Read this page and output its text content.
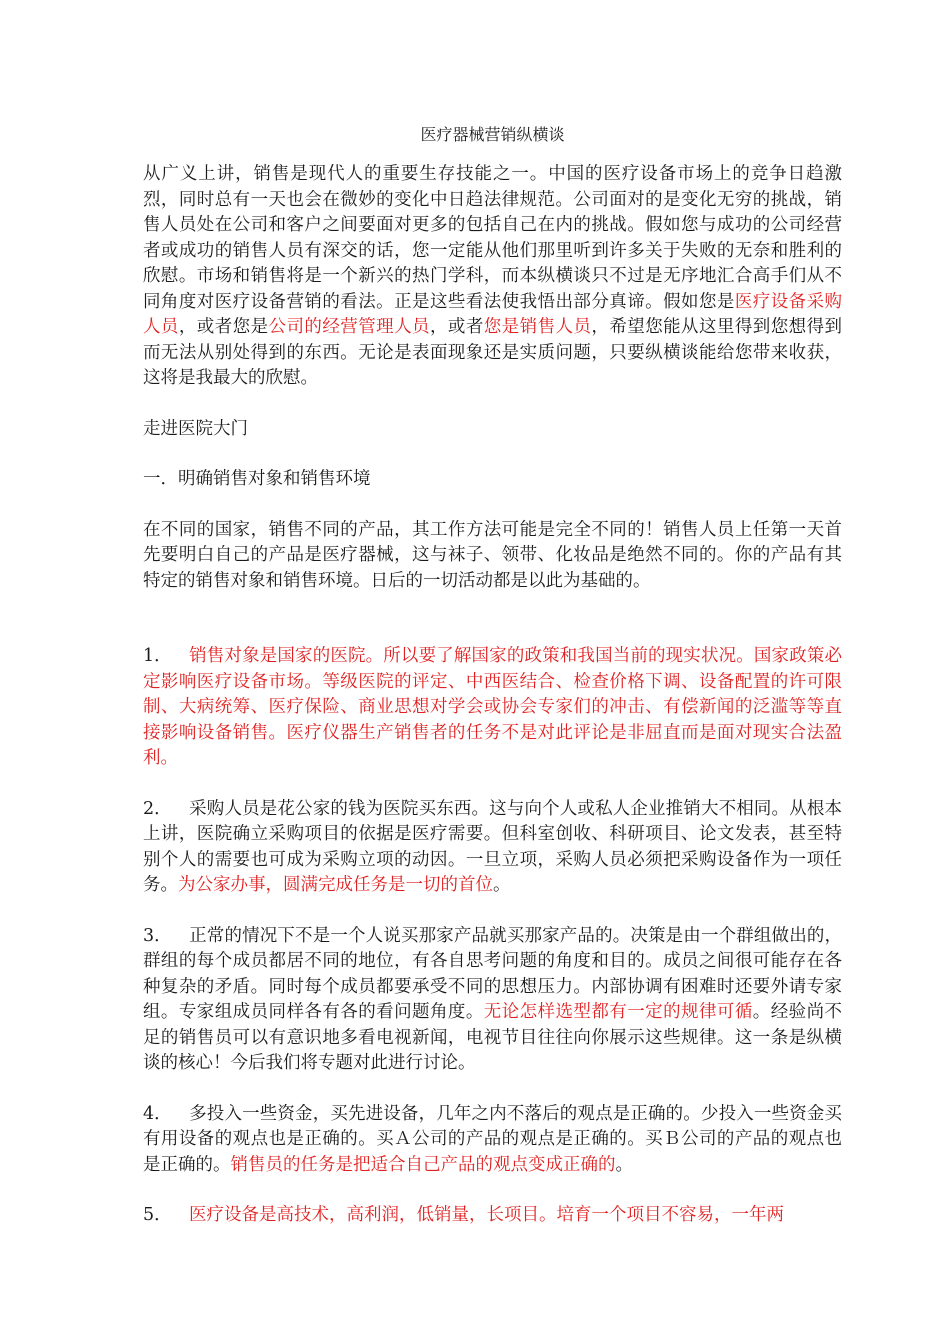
医疗器械营销纵横谈

从广义上讲，销售是现代人的重要生存技能之一。中国的医疗设备市场上的竞争日趋激烈，同时总有一天也会在微妙的变化中日趋法律规范。公司面对的是变化无穷的挑战，销售人员处在公司和客户之间要面对更多的包括自己在内的挑战。假如您与成功的公司经营者或成功的销售人员有深交的话，您一定能从他们那里听到许多关于失败的无奈和胜利的欣慰。市场和销售将是一个新兴的热门学科，而本纵横谈只不过是无序地汇合高手们从不同角度对医疗设备营销的看法。正是这些看法使我悟出部分真谛。假如您是医疗设备采购人员，或者您是公司的经营管理人员，或者您是销售人员，希望您能从这里得到您想得到而无法从别处得到的东西。无论是表面现象还是实质问题，只要纵横谈能给您带来收获，这将是我最大的欣慰。

走进医院大门

一．明确销售对象和销售环境

在不同的国家，销售不同的产品，其工作方法可能是完全不同的！销售人员上任第一天首先要明白自己的产品是医疗器械，这与袜子、领带、化妆品是绝然不同的。你的产品有其特定的销售对象和销售环境。日后的一切活动都是以此为基础的。

1． 销售对象是国家的医院。所以要了解国家的政策和我国当前的现实状况。国家政策必定影响医疗设备市场。等级医院的评定、中西医结合、检查价格下调、设备配置的许可限制、大病统筹、医疗保险、商业思想对学会或协会专家们的冲击、有偿新闻的泛滥等等直接影响设备销售。医疗仪器生产销售者的任务不是对此评论是非屈直而是面对现实合法盈利。

2． 采购人员是花公家的钱为医院买东西。这与向个人或私人企业推销大不相同。从根本上讲，医院确立采购项目的依据是医疗需要。但科室创收、科研项目、论文发表，甚至特别个人的需要也可成为采购立项的动因。一旦立项，采购人员必须把采购设备作为一项任务。为公家办事，圆满完成任务是一切的首位。

3． 正常的情况下不是一个人说买那家产品就买那家产品的。决策是由一个群组做出的，群组的每个成员都居不同的地位，有各自思考问题的角度和目的。成员之间很可能存在各种复杂的矛盾。同时每个成员都要承受不同的思想压力。内部协调有困难时还要外请专家组。专家组成员同样各有各的看问题角度。无论怎样选型都有一定的规律可循。经验尚不足的销售员可以有意识地多看电视新闻，电视节目往往向你展示这些规律。这一条是纵横谈的核心！今后我们将专题对此进行讨论。

4． 多投入一些资金，买先进设备，几年之内不落后的观点是正确的。少投入一些资金买有用设备的观点也是正确的。买Ａ公司的产品的观点是正确的。买Ｂ公司的产品的观点也是正确的。销售员的任务是把适合自己产品的观点变成正确的。

5． 医疗设备是高技术，高利润，低销量，长项目。培育一个项目不容易，一年两
